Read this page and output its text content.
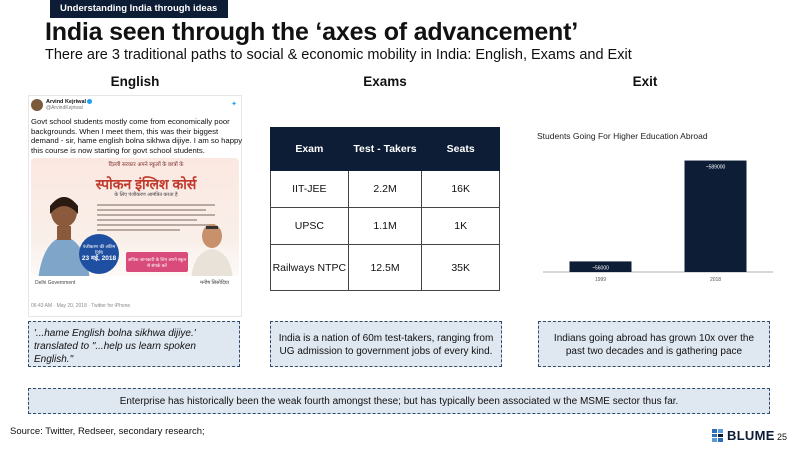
Understanding India through ideas
India seen through the ‘axes of advancement’
There are 3 traditional paths to social & economic mobility in India: English, Exams and Exit
English	Exams	Exit
Arvind Kejriwal
@ArvindKejriwal	✦
Govt school students mostly come from economically poor backgrounds. When I meet them, this was their biggest demand - sir, hame english bolna sikhwa dijiye. I am so happy this course is now starting for govt school students.
दिल्ली सरकार अपने स्कूलों के छात्रों के
स्पोकन इंग्लिश कोर्स
के लिए पंजीकरण आमंत्रित करता है
पंजीकरण की अंतिम तिथि
23 मई, 2018	अधिक जानकारी के लिए अपने स्कूल से संपर्क करें
Delhi Government	मनीष सिसोदिया
06:43 AM · May 20, 2018 · Twitter for iPhone
Exam	Test - Takers	Seats
IIT-JEE	2.2M	16K
UPSC	1.1M	1K
Railways NTPC	12.5M	35K
Students Going For Higher Education Abroad
~56000
1999
~589000
2018
'...hame English bolna sikhwa dijiye.' translated to "...help us learn spoken English."
India is a nation of 60m test-takers, ranging from UG admission to government jobs of every kind.
Indians going abroad has grown 10x over the past two decades and is gathering pace
Enterprise has historically been the weak fourth amongst these; but has typically been associated w the MSME sector thus far.
Source: Twitter, Redseer, secondary research;	BLUME 25
